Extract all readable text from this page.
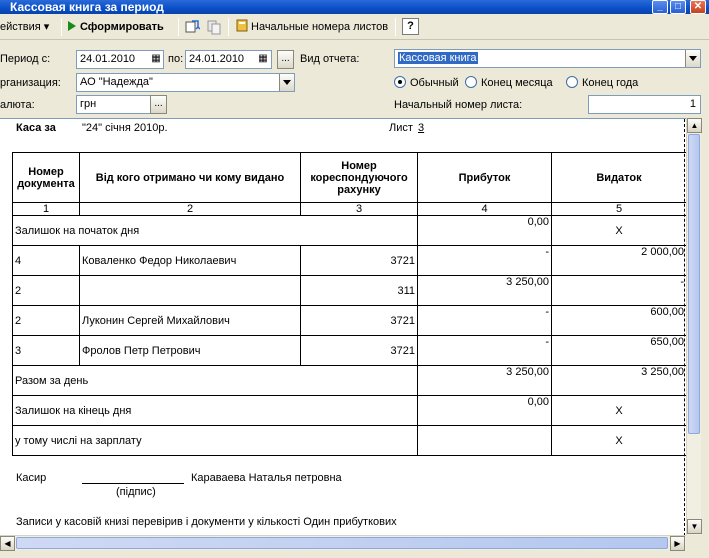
Кассовая книга за период	_	□	✕
ействия ▾	Сформировать	Начальные номера листов	?
Период с:	24.01.2010	▦ по: 24.01.2010	▦	... Вид отчета:	Кассовая книга
рганизация:	АО "Надежда"	Обычный Конец месяца	Конец года
алюта:	грн	...	Начальный номер листа:	1
Каса за "24" січня 2010р.	Лист 3
Номер документа	Від кого отримано чи кому видано	Номер кореспондуючого рахунку	Прибуток	Видаток
1	2	3	4	5
Залишок на початок дня			0,00	Х
4	Коваленко Федор Николаевич	3721	-	2 000,00
2		311	3 250,00	-
2	Луконин Сергей Михайлович	3721	-	600,00
3	Фролов Петр Петрович	3721	-	650,00
Разом за день			3 250,00	3 250,00
Залишок на кінець дня			0,00	Х
у тому числі на зарплату				Х
Касир	Караваева Наталья петровна
(підпис)
Записи у касовій книзі перевірив і документи у кількості Один прибуткових
▲
▼
◀	▶
